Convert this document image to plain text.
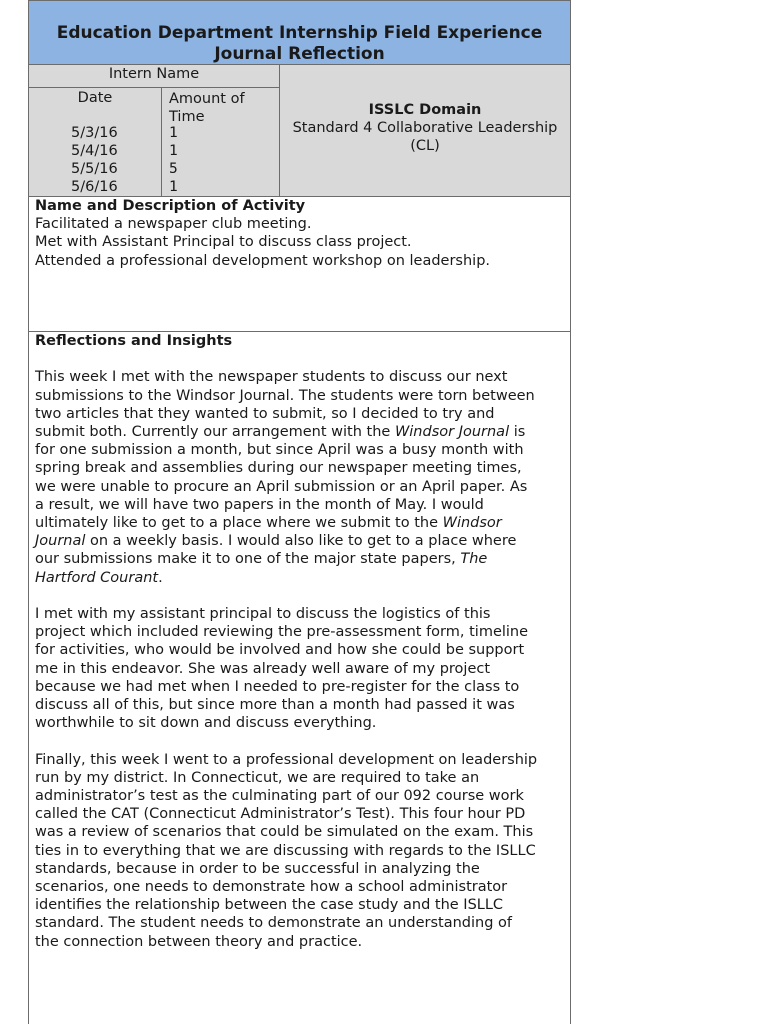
Education Department Internship Field Experience
Journal Reflection
Intern Name
Date
5/3/16
5/4/16
5/5/16
5/6/16
Amount of
Time
1
1
5
1
ISSLC Domain
Standard 4 Collaborative Leadership
(CL)
Name and Description of Activity
Facilitated a newspaper club meeting.
Met with Assistant Principal to discuss class project.
Attended a professional development workshop on leadership.
Reflections and Insights

This week I met with the newspaper students to discuss our next
submissions to the Windsor Journal. The students were torn between
two articles that they wanted to submit, so I decided to try and
submit both. Currently our arrangement with the Windsor Journal is
for one submission a month, but since April was a busy month with
spring break and assemblies during our newspaper meeting times,
we were unable to procure an April submission or an April paper. As
a result, we will have two papers in the month of May. I would
ultimately like to get to a place where we submit to the Windsor
Journal on a weekly basis. I would also like to get to a place where
our submissions make it to one of the major state papers, The
Hartford Courant.

I met with my assistant principal to discuss the logistics of this
project which included reviewing the pre-assessment form, timeline
for activities, who would be involved and how she could be support
me in this endeavor. She was already well aware of my project
because we had met when I needed to pre-register for the class to
discuss all of this, but since more than a month had passed it was
worthwhile to sit down and discuss everything.

Finally, this week I went to a professional development on leadership
run by my district. In Connecticut, we are required to take an
administrator’s test as the culminating part of our 092 course work
called the CAT (Connecticut Administrator’s Test). This four hour PD
was a review of scenarios that could be simulated on the exam. This
ties in to everything that we are discussing with regards to the ISLLC
standards, because in order to be successful in analyzing the
scenarios, one needs to demonstrate how a school administrator
identifies the relationship between the case study and the ISLLC
standard. The student needs to demonstrate an understanding of
the connection between theory and practice.
